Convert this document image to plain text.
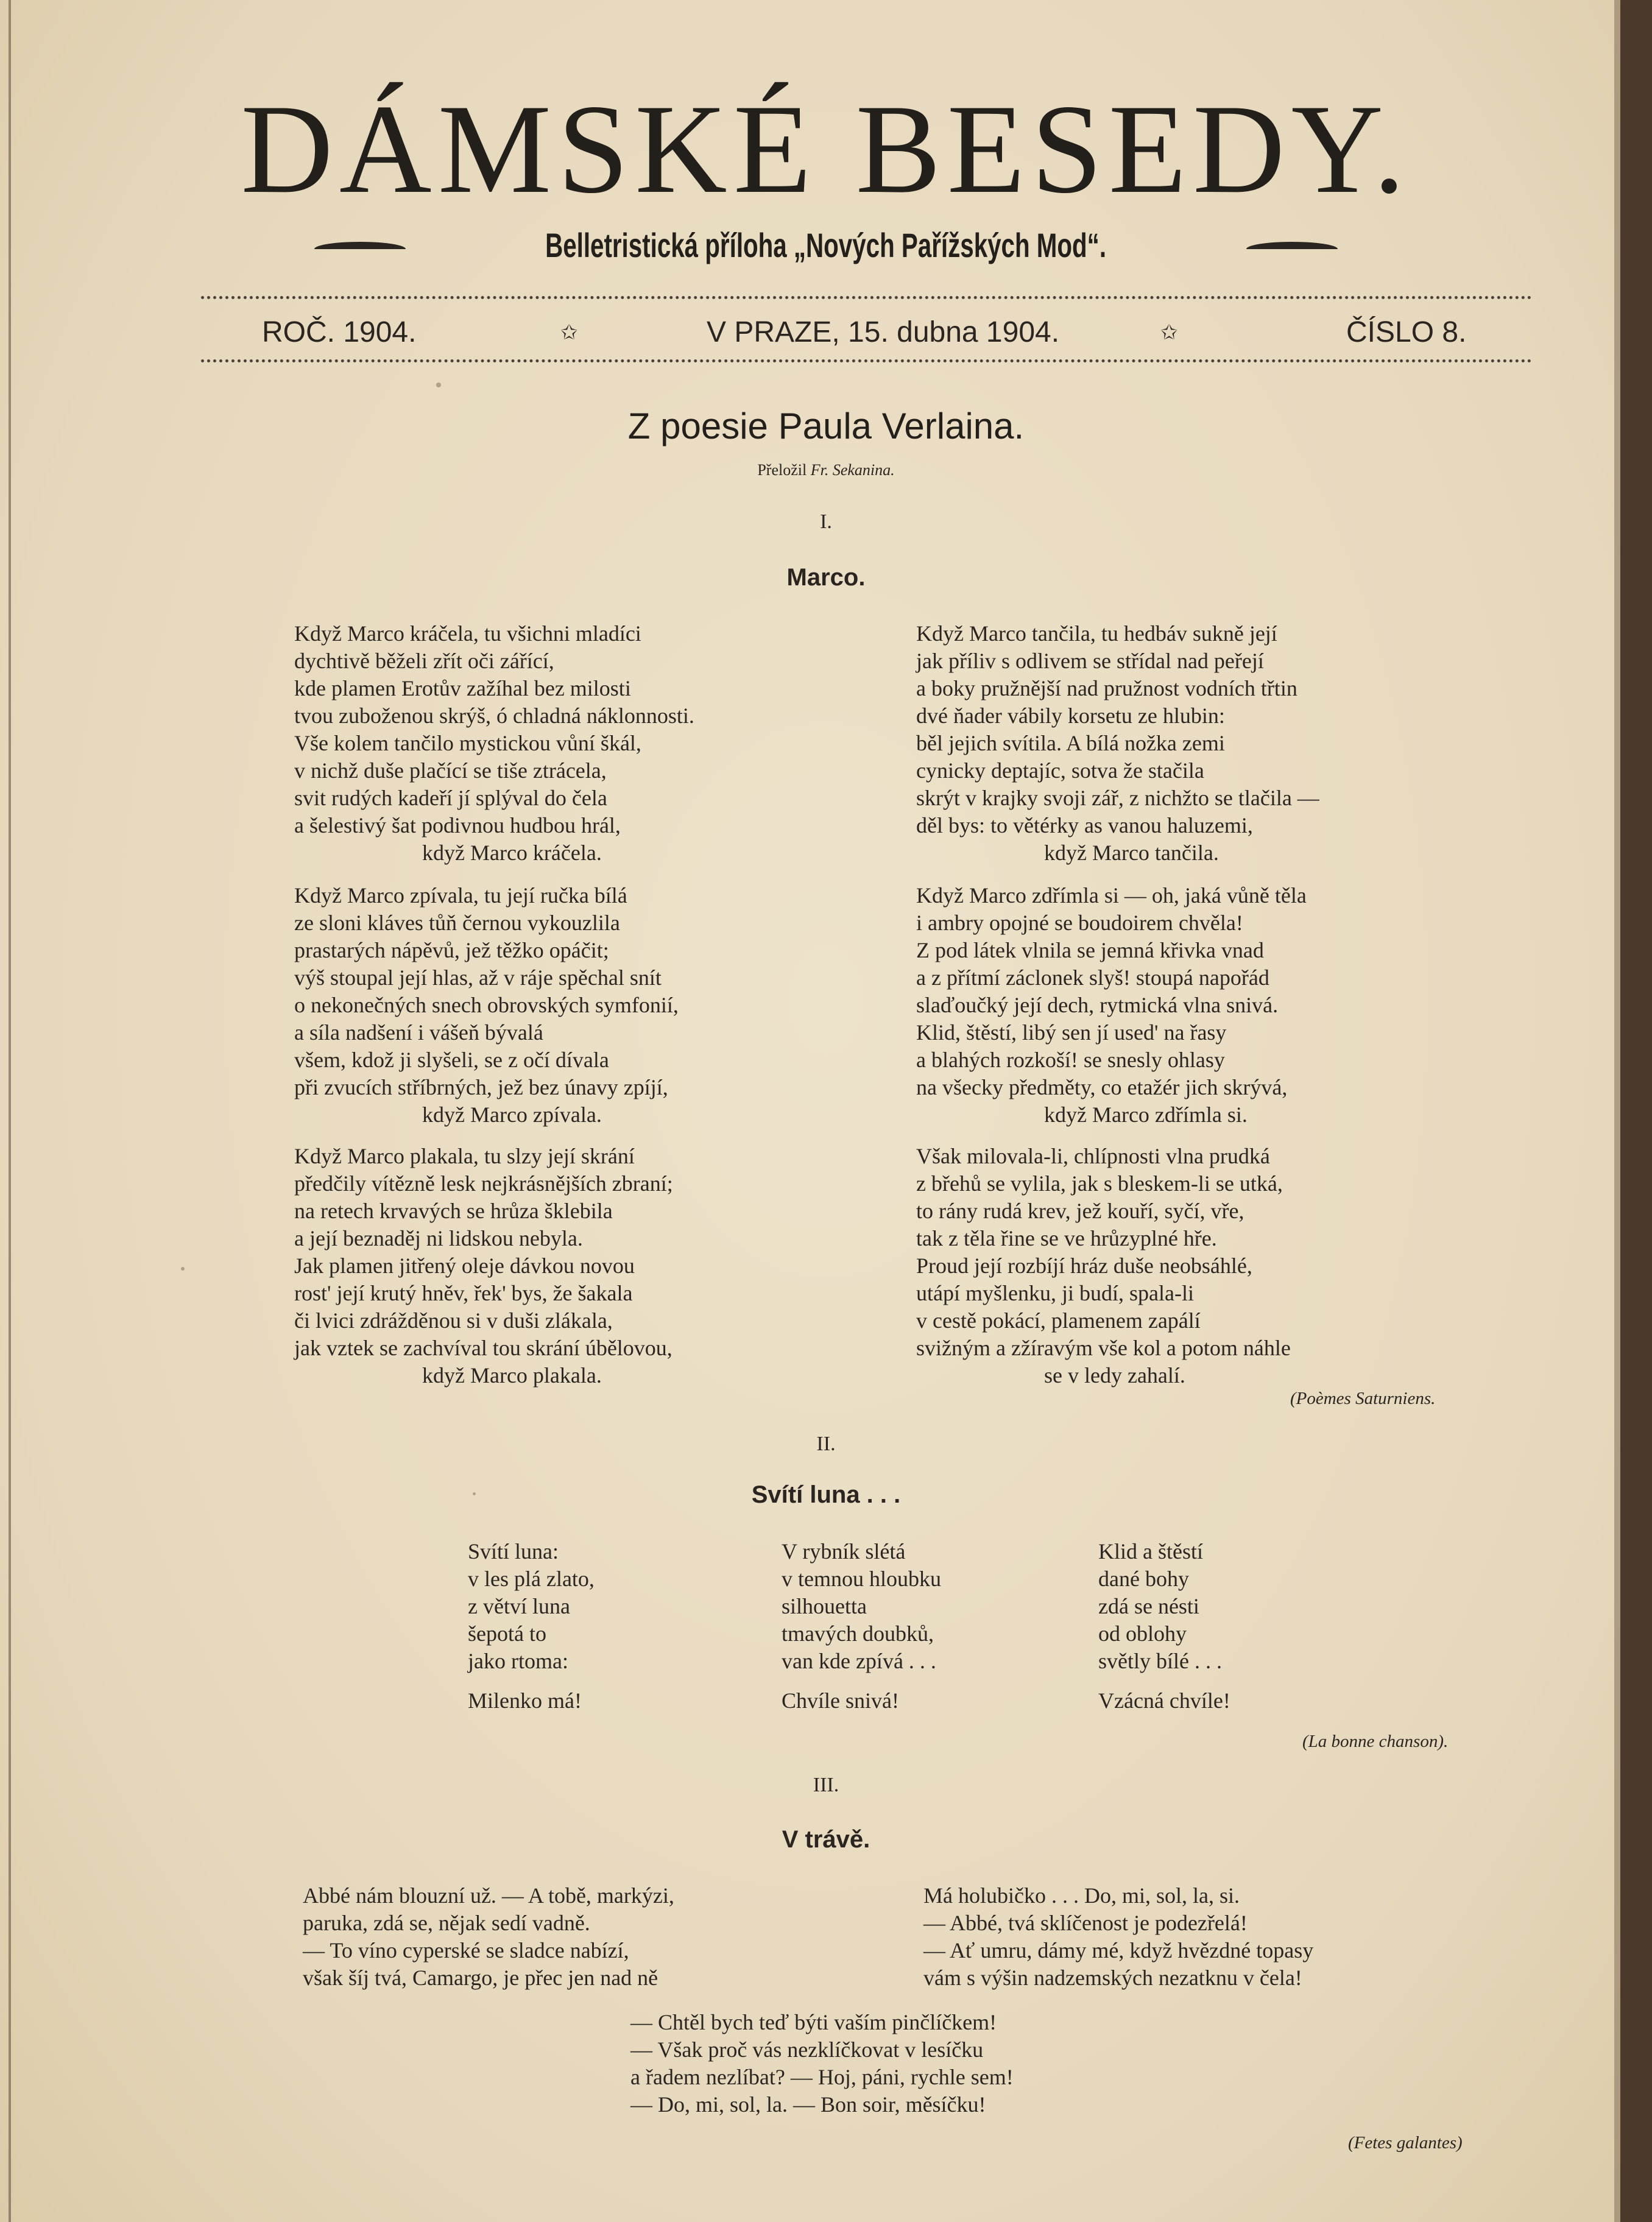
DÁMSKÉ BESEDY.
Belletristická příloha „Nových Pařížských Mod“.
ROČ. 1904.	✩	V PRAZE, 15. dubna 1904.	✩	ČÍSLO 8.
Z poesie Paula Verlaina.
Přeložil Fr. Sekanina.
I.
Marco.
Když Marco kráčela, tu všichni mladíci
dychtivě běželi zřít oči zářící,
kde plamen Erotův zažíhal bez milosti
tvou zuboženou skrýš, ó chladná náklonnosti.
Vše kolem tančilo mystickou vůní škál,
v nichž duše plačící se tiše ztrácela,
svit rudých kadeří jí splýval do čela
a šelestivý šat podivnou hudbou hrál,
když Marco kráčela.
Když Marco zpívala, tu její ručka bílá
ze sloni kláves tůň černou vykouzlila
prastarých nápěvů, jež těžko opáčit;
výš stoupal její hlas, až v ráje spěchal snít
o nekonečných snech obrovských symfonií,
a síla nadšení i vášeň bývalá
všem, kdož ji slyšeli, se z očí dívala
při zvucích stříbrných, jež bez únavy zpíjí,
když Marco zpívala.
Když Marco plakala, tu slzy její skrání
předčily vítězně lesk nejkrásnějších zbraní;
na retech krvavých se hrůza šklebila
a její beznaděj ni lidskou nebyla.
Jak plamen jitřený oleje dávkou novou
rost' její krutý hněv, řek' bys, že šakala
či lvici zdrážděnou si v duši zlákala,
jak vztek se zachvíval tou skrání úbělovou,
když Marco plakala.
Když Marco tančila, tu hedbáv sukně její
jak příliv s odlivem se střídal nad peřejí
a boky pružnější nad pružnost vodních třtin
dvé ňader vábily korsetu ze hlubin:
běl jejich svítila. A bílá nožka zemi
cynicky deptajíc, sotva že stačila
skrýt v krajky svoji zář, z nichžto se tlačila —
děl bys: to větérky as vanou haluzemi,
když Marco tančila.
Když Marco zdřímla si — oh, jaká vůně těla
i ambry opojné se boudoirem chvěla!
Z pod látek vlnila se jemná křivka vnad
a z přítmí záclonek slyš! stoupá napořád
slaďoučký její dech, rytmická vlna snivá.
Klid, štěstí, libý sen jí used' na řasy
a blahých rozkoší! se snesly ohlasy
na všecky předměty, co etažér jich skrývá,
když Marco zdřímla si.
Však milovala-li, chlípnosti vlna prudká
z břehů se vylila, jak s bleskem-li se utká,
to rány rudá krev, jež kouří, syčí, vře,
tak z těla řine se ve hrůzyplné hře.
Proud její rozbíjí hráz duše neobsáhlé,
utápí myšlenku, ji budí, spala-li
v cestě pokácí, plamenem zapálí
svižným a zžíravým vše kol a potom náhle
se v ledy zahalí.
(Poèmes Saturniens.
II.
Svítí luna . . .
Svítí luna:
v les plá zlato,
z větví luna
šepotá to
jako rtoma:
Milenko má!
V rybník slétá
v temnou hloubku
silhouetta
tmavých doubků,
van kde zpívá . . .
Chvíle snivá!
Klid a štěstí
dané bohy
zdá se nésti
od oblohy
světly bílé . . .
Vzácná chvíle!
(La bonne chanson).
III.
V trávě.
Abbé nám blouzní už. — A tobě, markýzi,
paruka, zdá se, nějak sedí vadně.
— To víno cyperské se sladce nabízí,
však šíj tvá, Camargo, je přec jen nad ně
Má holubičko . . . Do, mi, sol, la, si.
— Abbé, tvá sklíčenost je podezřelá!
— Ať umru, dámy mé, když hvězdné topasy
vám s výšin nadzemských nezatknu v čela!
— Chtěl bych teď býti vaším pinčlíčkem!
— Však proč vás nezklíčkovat v lesíčku
a řadem nezlíbat? — Hoj, páni, rychle sem!
— Do, mi, sol, la. — Bon soir, měsíčku!
(Fetes galantes)
